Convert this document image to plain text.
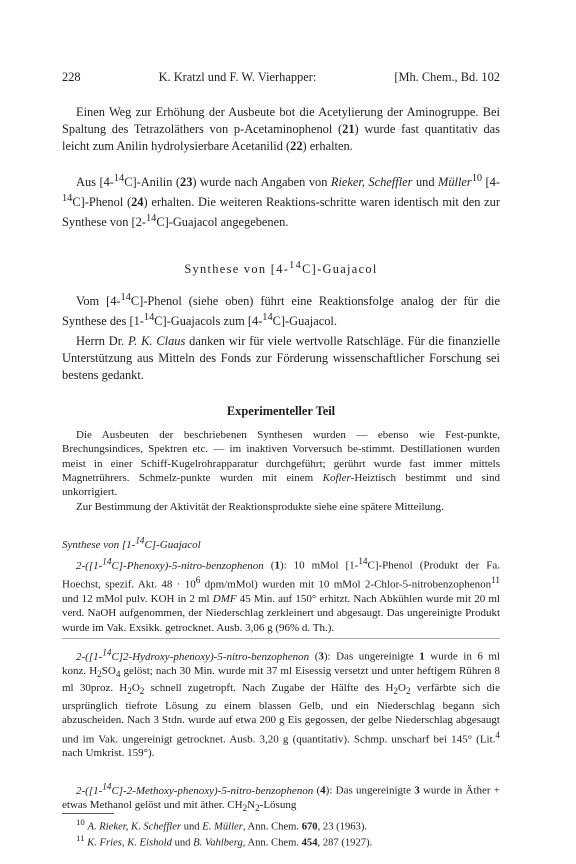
228	K. Kratzl und F. W. Vierhapper:	[Mh. Chem., Bd. 102

Einen Weg zur Erhöhung der Ausbeute bot die Acetylierung der Aminogruppe. Bei Spaltung des Tetrazoläthers von p-Acetaminophenol (21) wurde fast quantitativ das leicht zum Anilin hydrolysierbare Acetanilid (22) erhalten.

Aus [4-$^{14}$C]-Anilin (23) wurde nach Angaben von Rieker, Scheffler und Müller$^{10}$ [4-$^{14}$C]-Phenol (24) erhalten. Die weiteren Reaktions-schritte waren identisch mit den zur Synthese von [2-$^{14}$C]-Guajacol angegebenen.

Synthese von [4-$^{14}$C]-Guajacol

Vom [4-$^{14}$C]-Phenol (siehe oben) führt eine Reaktionsfolge analog der für die Synthese des [1-$^{14}$C]-Guajacols zum [4-$^{14}$C]-Guajacol.

Herrn Dr. P. K. Claus danken wir für viele wertvolle Ratschläge. Für die finanzielle Unterstützung aus Mitteln des Fonds zur Förderung wissenschaftlicher Forschung sei bestens gedankt.

Experimenteller Teil

Die Ausbeuten der beschriebenen Synthesen wurden — ebenso wie Fest-punkte, Brechungsindices, Spektren etc. — im inaktiven Vorversuch be-stimmt. Destillationen wurden meist in einer Schiff-Kugelrohrapparatur durchgeführt; gerührt wurde fast immer mittels Magnetrührers. Schmelz-punkte wurden mit einem Kofler-Heiztisch bestimmt und sind unkorrigiert.

Zur Bestimmung der Aktivität der Reaktionsprodukte siehe eine spätere Mitteilung.

Synthese von [1-$^{14}$C]-Guajacol

2-([1-$^{14}$C]-Phenoxy)-5-nitro-benzophenon (1): 10 mMol [1-$^{14}$C]-Phenol (Produkt der Fa. Hoechst, spezif. Akt. $48 \cdot 10^6$ dpm/mMol) wurden mit 10 mMol 2-Chlor-5-nitrobenzophenon$^{11}$ und 12 mMol pulv. KOH in 2 ml DMF 45 Min. auf 150° erhitzt. Nach Abkühlen wurde mit 20 ml verd. NaOH aufgenommen, der Niederschlag zerkleinert und abgesaugt. Das ungereinigte Produkt wurde im Vak. Exsikk. getrocknet. Ausb. 3,06 g (96% d. Th.).

2-([1-$^{14}$C]2-Hydroxy-phenoxy)-5-nitro-benzophenon (3): Das ungereinigte 1 wurde in 6 ml konz. $H_2SO_4$ gelöst; nach 30 Min. wurde mit 37 ml Eisessig versetzt und unter heftigem Rühren 8 ml 30proz. $H_2O_2$ schnell zugetropft. Nach Zugabe der Hälfte des $H_2O_2$ verfärbte sich die ursprünglich tiefrote Lösung zu einem blassen Gelb, und ein Niederschlag begann sich abzuscheiden. Nach 3 Stdn. wurde auf etwa 200 g Eis gegossen, der gelbe Niederschlag abgesaugt und im Vak. ungereinigt getrocknet. Ausb. 3,20 g (quantitativ). Schmp. unscharf bei 145° (Lit.$^4$ nach Umkrist. 159°).

2-([1-$^{14}$C]-2-Methoxy-phenoxy)-5-nitro-benzophenon (4): Das ungereinigte 3 wurde in Äther + etwas Methanol gelöst und mit äther. $CH_2N_2$-Lösung

$^{10}$ A. Rieker, K. Scheffler und E. Müller, Ann. Chem. 670, 23 (1963).

$^{11}$ K. Fries, K. Eishold und B. Vahlberg, Ann. Chem. 454, 287 (1927).
